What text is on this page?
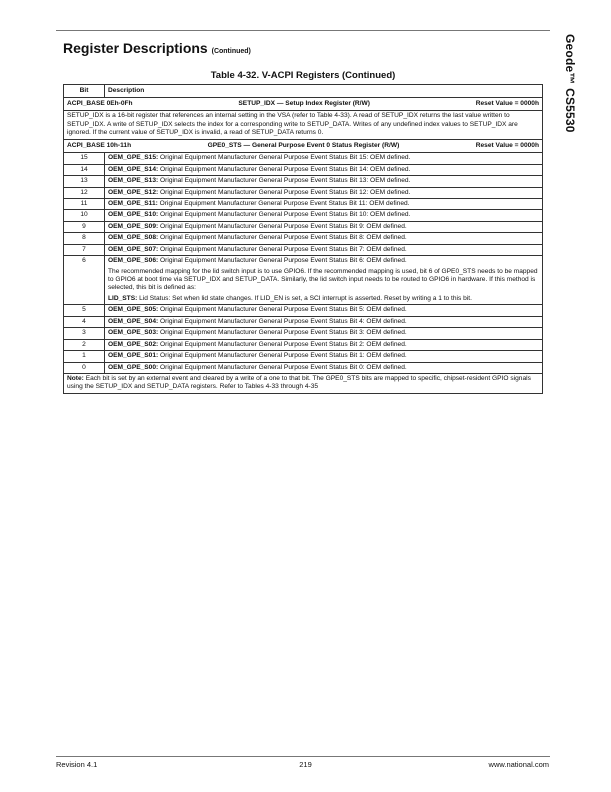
Geode™ CS5530
Register Descriptions (Continued)
Table 4-32. V-ACPI Registers (Continued)
Bit	Description

ACPI_BASE 0Eh-0Fh SETUP_IDX — Setup Index Register (R/W) Reset Value = 0000h	

SETUP_IDX is a 16-bit register that references an internal setting in the VSA (refer to Table 4-33). A read of SETUP_IDX returns the last value written to SETUP_IDX. A write of SETUP_IDX selects the index for a corresponding write to SETUP_DATA. Writes of any undefined index values to SETUP_IDX are ignored. If the current value of SETUP_IDX is invalid, a read of SETUP_DATA returns 0.	

ACPI_BASE 10h-11h GPE0_STS — General Purpose Event 0 Status Register (R/W) Reset Value = 0000h	

15	OEM_GPE_S15: Original Equipment Manufacturer General Purpose Event Status Bit 15: OEM defined.
14	OEM_GPE_S14: Original Equipment Manufacturer General Purpose Event Status Bit 14: OEM defined.
13	OEM_GPE_S13: Original Equipment Manufacturer General Purpose Event Status Bit 13: OEM defined.
12	OEM_GPE_S12: Original Equipment Manufacturer General Purpose Event Status Bit 12: OEM defined.
11	OEM_GPE_S11: Original Equipment Manufacturer General Purpose Event Status Bit 11: OEM defined.
10	OEM_GPE_S10: Original Equipment Manufacturer General Purpose Event Status Bit 10: OEM defined.
9	OEM_GPE_S09: Original Equipment Manufacturer General Purpose Event Status Bit 9: OEM defined.
8	OEM_GPE_S08: Original Equipment Manufacturer General Purpose Event Status Bit 8: OEM defined.
7	OEM_GPE_S07: Original Equipment Manufacturer General Purpose Event Status Bit 7: OEM defined.
6	OEM_GPE_S06: Original Equipment Manufacturer General Purpose Event Status Bit 6: OEM defined.

The recommended mapping for the lid switch input is to use GPIO6. If the recommended mapping is used, bit 6 of GPE0_STS needs to be mapped to GPIO6 at boot time via SETUP_IDX and SETUP_DATA. Similarly, the lid switch input needs to be routed to GPIO6 in hardware. If this method is selected, this bit is defined as:

LID_STS: Lid Status: Set when lid state changes. If LID_EN is set, a SCI interrupt is asserted. Reset by writing a 1 to this bit.

5	OEM_GPE_S05: Original Equipment Manufacturer General Purpose Event Status Bit 5: OEM defined.
4	OEM_GPE_S04: Original Equipment Manufacturer General Purpose Event Status Bit 4: OEM defined.
3	OEM_GPE_S03: Original Equipment Manufacturer General Purpose Event Status Bit 3: OEM defined.
2	OEM_GPE_S02: Original Equipment Manufacturer General Purpose Event Status Bit 2: OEM defined.
1	OEM_GPE_S01: Original Equipment Manufacturer General Purpose Event Status Bit 1: OEM defined.
0	OEM_GPE_S00: Original Equipment Manufacturer General Purpose Event Status Bit 0: OEM defined.
Note: Each bit is set by an external event and cleared by a write of a one to that bit. The GPE0_STS bits are mapped to specific, chipset-resident GPIO signals using the SETUP_IDX and SETUP_DATA registers. Refer to Tables 4-33 through 4-35	
Revision 4.1	219	www.national.com
